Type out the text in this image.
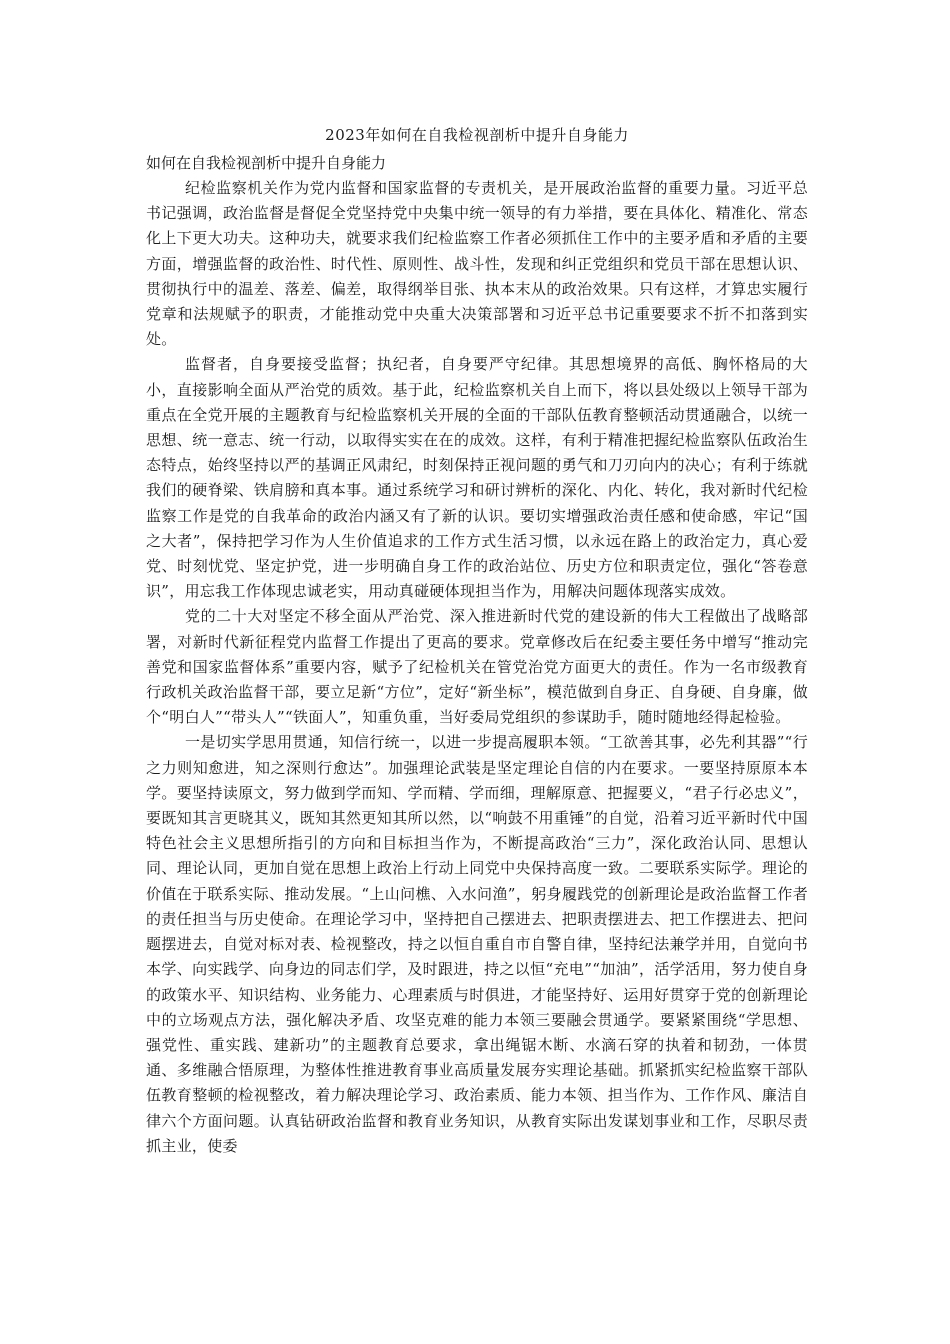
2023年如何在自我检视剖析中提升自身能力
如何在自我检视剖析中提升自身能力

纪检监察机关作为党内监督和国家监督的专责机关，是开展政治监督的重要力量。习近平总书记强调，政治监督是督促全党坚持党中央集中统一领导的有力举措，要在具体化、精准化、常态化上下更大功夫。这种功夫，就要求我们纪检监察工作者必须抓住工作中的主要矛盾和矛盾的主要方面，增强监督的政治性、时代性、原则性、战斗性，发现和纠正党组织和党员干部在思想认识、贯彻执行中的温差、落差、偏差，取得纲举目张、执本末从的政治效果。只有这样，才算忠实履行党章和法规赋予的职责，才能推动党中央重大决策部署和习近平总书记重要要求不折不扣落到实处。

监督者，自身要接受监督；执纪者，自身要严守纪律。其思想境界的高低、胸怀格局的大小，直接影响全面从严治党的质效。基于此，纪检监察机关自上而下，将以县处级以上领导干部为重点在全党开展的主题教育与纪检监察机关开展的全面的干部队伍教育整顿活动贯通融合，以统一思想、统一意志、统一行动，以取得实实在在的成效。这样，有利于精准把握纪检监察队伍政治生态特点，始终坚持以严的基调正风肃纪，时刻保持正视问题的勇气和刀刃向内的决心；有利于练就我们的硬脊梁、铁肩膀和真本事。通过系统学习和研讨辨析的深化、内化、转化，我对新时代纪检监察工作是党的自我革命的政治内涵又有了新的认识。要切实增强政治责任感和使命感，牢记“国之大者”，保持把学习作为人生价值追求的工作方式生活习惯，以永远在路上的政治定力，真心爱党、时刻忧党、坚定护党，进一步明确自身工作的政治站位、历史方位和职责定位，强化“答卷意识”，用忘我工作体现忠诚老实，用动真碰硬体现担当作为，用解决问题体现落实成效。

党的二十大对坚定不移全面从严治党、深入推进新时代党的建设新的伟大工程做出了战略部署，对新时代新征程党内监督工作提出了更高的要求。党章修改后在纪委主要任务中增写“推动完善党和国家监督体系”重要内容，赋予了纪检机关在管党治党方面更大的责任。作为一名市级教育行政机关政治监督干部，要立足新“方位”，定好“新坐标”，模范做到自身正、自身硬、自身廉，做个“明白人”“带头人”“铁面人”，知重负重，当好委局党组织的参谋助手，随时随地经得起检验。

一是切实学思用贯通，知信行统一，以进一步提高履职本领。“工欲善其事，必先利其器”“行之力则知愈进，知之深则行愈达”。加强理论武装是坚定理论自信的内在要求。一要坚持原原本本学。要坚持读原文，努力做到学而知、学而精、学而细，理解原意、把握要义，“君子行必忠义”，要既知其言更晓其义，既知其然更知其所以然，以“响鼓不用重锤”的自觉，沿着习近平新时代中国特色社会主义思想所指引的方向和目标担当作为，不断提高政治“三力”，深化政治认同、思想认同、理论认同，更加自觉在思想上政治上行动上同党中央保持高度一致。二要联系实际学。理论的价值在于联系实际、推动发展。“上山问樵、入水问渔”，躬身履践党的创新理论是政治监督工作者的责任担当与历史使命。在理论学习中，坚持把自己摆进去、把职责摆进去、把工作摆进去、把问题摆进去，自觉对标对表、检视整改，持之以恒自重自市自警自律，坚持纪法兼学并用，自觉向书本学、向实践学、向身边的同志们学，及时跟进，持之以恒“充电”“加油”，活学活用，努力使自身的政策水平、知识结构、业务能力、心理素质与时俱进，才能坚持好、运用好贯穿于党的创新理论中的立场观点方法，强化解决矛盾、攻坚克难的能力本领三要融会贯通学。要紧紧围绕“学思想、强党性、重实践、建新功”的主题教育总要求，拿出绳锯木断、水滴石穿的执着和韧劲，一体贯通、多维融合悟原理，为整体性推进教育事业高质量发展夯实理论基础。抓紧抓实纪检监察干部队伍教育整顿的检视整改，着力解决理论学习、政治素质、能力本领、担当作为、工作作风、廉洁自律六个方面问题。认真钻研政治监督和教育业务知识，从教育实际出发谋划事业和工作，尽职尽责抓主业，使委
